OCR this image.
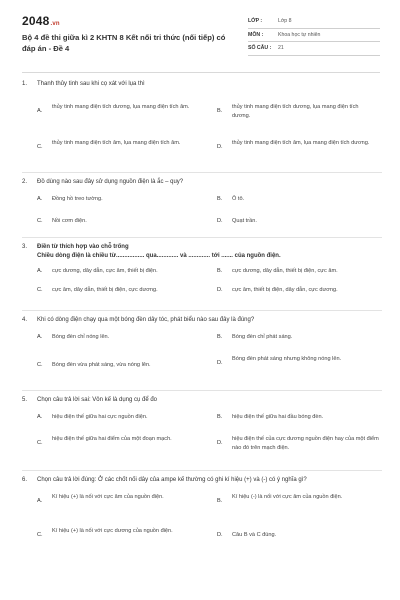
2048.vn
Bộ 4 đề thi giữa kì 2 KHTN 8 Kết nối tri thức (nối tiếp) có đáp án - Đề 4
LỚP :	Lớp 8
MÔN :	Khoa học tự nhiên
SỐ CÂU : 21
1. Thanh thủy tinh sau khi cọ xát với lụa thì
A.
thủy tinh mang điện tích dương, lụa mang điện tích âm.
B.
thủy tinh mang điện tích dương, lụa mang điện tích dương.
C.
thủy tinh mang điện tích âm, lụa mang điện tích âm.
D.
thủy tinh mang điện tích âm, lụa mang điện tích dương.
2. Đồ dùng nào sau đây sử dụng nguồn điện là ắc – quy?
A. Đồng hồ treo tường.	B. Ô tô.
C. Nồi cơm điện.	D. Quạt trần.
3. Điền từ thích hợp vào chỗ trống
Chiều dòng điện là chiều từ................. qua............. và ............. tới ....... của nguồn điện.
A. cực dương, dây dẫn, cực âm, thiết bị điện.	B. cực dương, dây dẫn, thiết bị điện, cực âm.
C. cực âm, dây dẫn, thiết bị điện, cực dương.	D. cực âm, thiết bị điện, dây dẫn, cực dương.
4. Khi có dòng điện chạy qua một bóng đèn dây tóc, phát biểu nào sau đây là đúng?
A. Bóng đèn chỉ nóng lên.	B. Bóng đèn chỉ phát sáng.
C. Bóng đèn vừa phát sáng, vừa nóng lên.	D.
Bóng đèn phát sáng nhưng không nóng lên.
5. Chọn câu trả lời sai: Vôn kế là dụng cụ để đo
A. hiệu điện thế giữa hai cực nguồn điện.	B. hiệu điện thế giữa hai đầu bóng đèn.
C.
hiệu điện thế giữa hai điểm của một đoạn mạch.
D.
hiệu điện thế của cực dương nguồn điện hay của một điểm nào đó trên mạch điện.
6. Chọn câu trả lời đúng: Ở các chốt nối dây của ampe kế thường có ghi kí hiệu (+) và (-) có ý nghĩa gì?
A.
Kí hiệu (+) là nối với cực âm của nguồn điện.
B.
Kí hiệu (-) là nối với cực âm của nguồn điện.
C.
Kí hiệu (+) là nối với cực dương của nguồn điện.
D. Câu B và C đúng.
